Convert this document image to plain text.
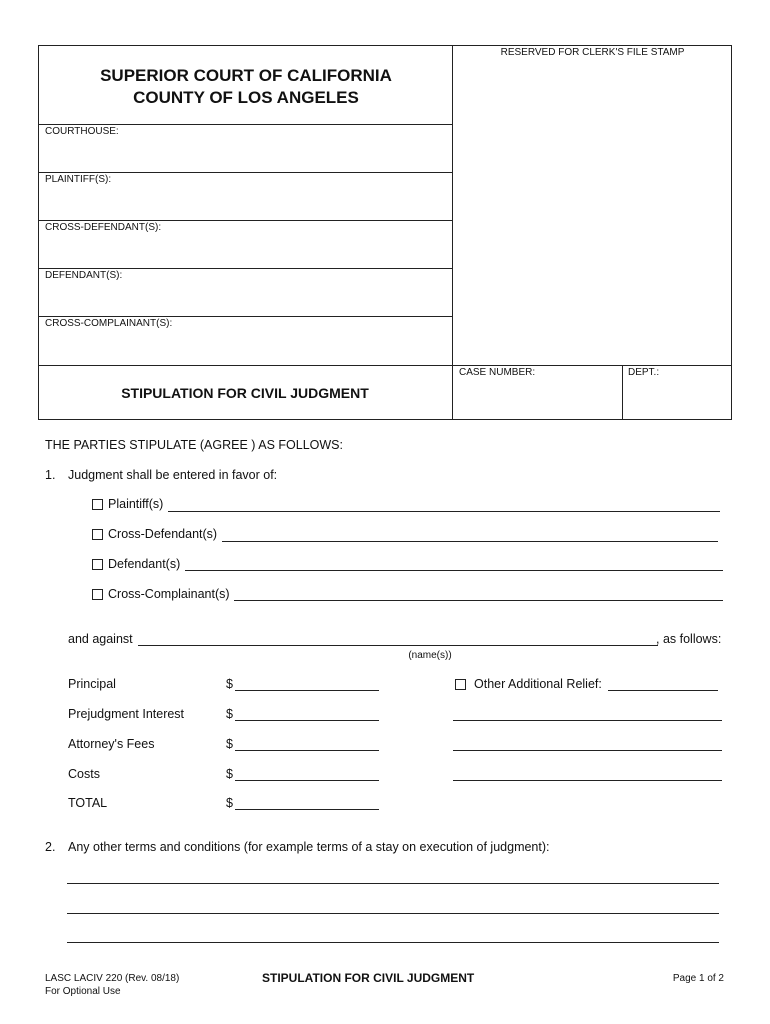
SUPERIOR COURT OF CALIFORNIA
COUNTY OF LOS ANGELES
RESERVED FOR CLERK'S FILE STAMP
COURTHOUSE:
PLAINTIFF(S):
CROSS-DEFENDANT(S):
DEFENDANT(S):
CROSS-COMPLAINANT(S):
CASE NUMBER:	DEPT.:
STIPULATION FOR CIVIL JUDGMENT
THE PARTIES STIPULATE (AGREE ) AS FOLLOWS:
1. Judgment shall be entered in favor of:
Plaintiff(s)
Cross-Defendant(s)
Defendant(s)
Cross-Complainant(s)
and against	, as follows:
(name(s))
Principal	$
Prejudgment Interest	$
Attorney's Fees	$
Costs	$
TOTAL	$
Other Additional Relief:
2. Any other terms and conditions (for example terms of a stay on execution of judgment):
LASC LACIV 220 (Rev. 08/18)
For Optional Use
STIPULATION FOR CIVIL JUDGMENT	Page 1 of 2
